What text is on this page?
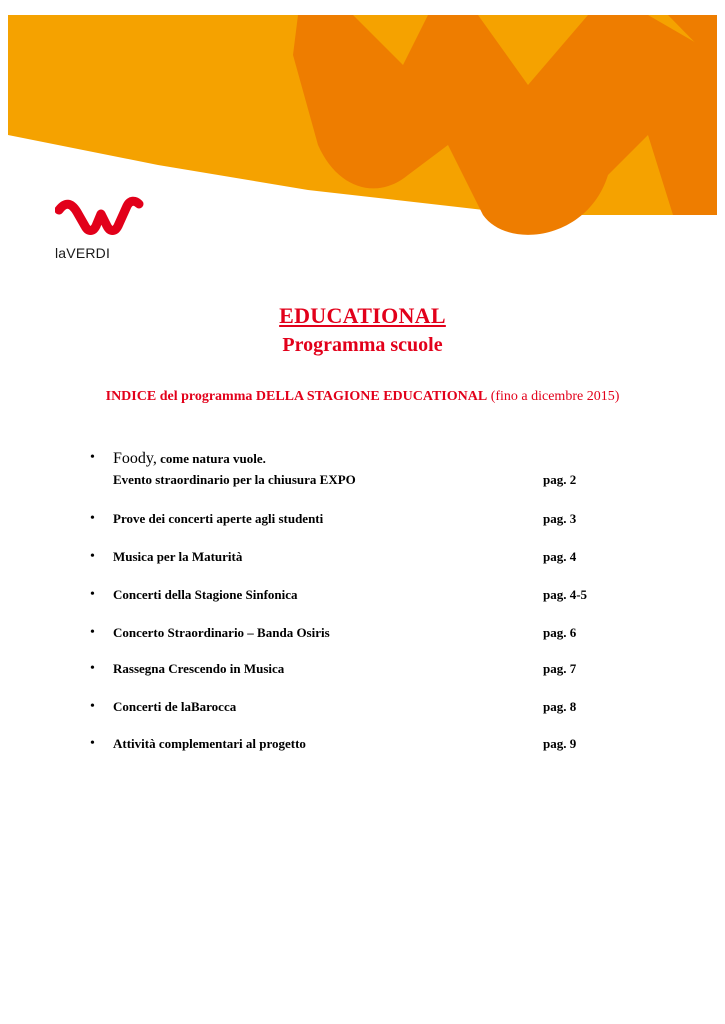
laVERDI
EDUCATIONAL
Programma scuole
INDICE del programma DELLA STAGIONE EDUCATIONAL (fino a dicembre 2015)
• Foody, come natura vuole.
Evento straordinario per la chiusura EXPO	pag. 2
• Prove dei concerti aperte agli studenti	pag. 3
• Musica per la Maturità	pag. 4
• Concerti della Stagione Sinfonica	pag. 4-5
• Concerto Straordinario – Banda Osiris	pag. 6
• Rassegna Crescendo in Musica	pag. 7
• Concerti de laBarocca	pag. 8
• Attività complementari al progetto	pag. 9
